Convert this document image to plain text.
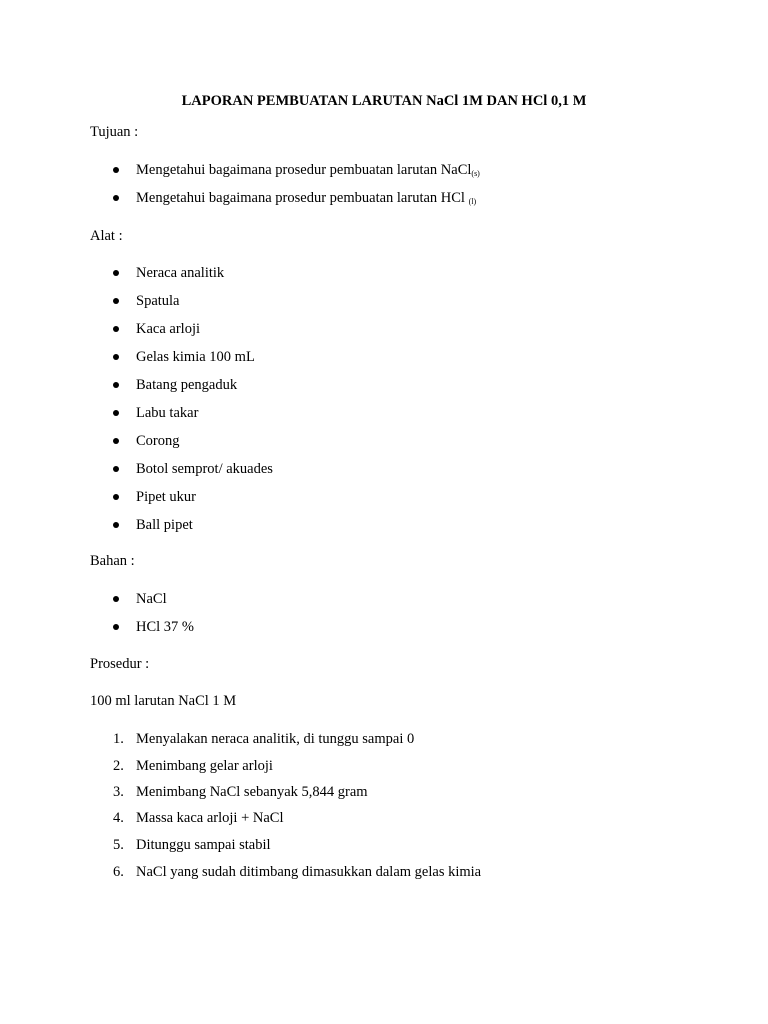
LAPORAN PEMBUATAN LARUTAN NaCl 1M DAN HCl 0,1 M
Tujuan :
Mengetahui bagaimana prosedur pembuatan larutan NaCl$_{(s)}$
Mengetahui bagaimana prosedur pembuatan larutan HCl $_{(l)}$
Alat :
Neraca analitik
Spatula
Kaca arloji
Gelas kimia 100 mL
Batang pengaduk
Labu takar
Corong
Botol semprot/ akuades
Pipet ukur
Ball pipet
Bahan :
NaCl
HCl 37 %
Prosedur :
100 ml larutan NaCl 1 M
1. Menyalakan neraca analitik, di tunggu sampai 0
2. Menimbang gelar arloji
3. Menimbang NaCl sebanyak 5,844 gram
4. Massa kaca arloji + NaCl
5. Ditunggu sampai stabil
6. NaCl yang sudah ditimbang dimasukkan dalam gelas kimia
